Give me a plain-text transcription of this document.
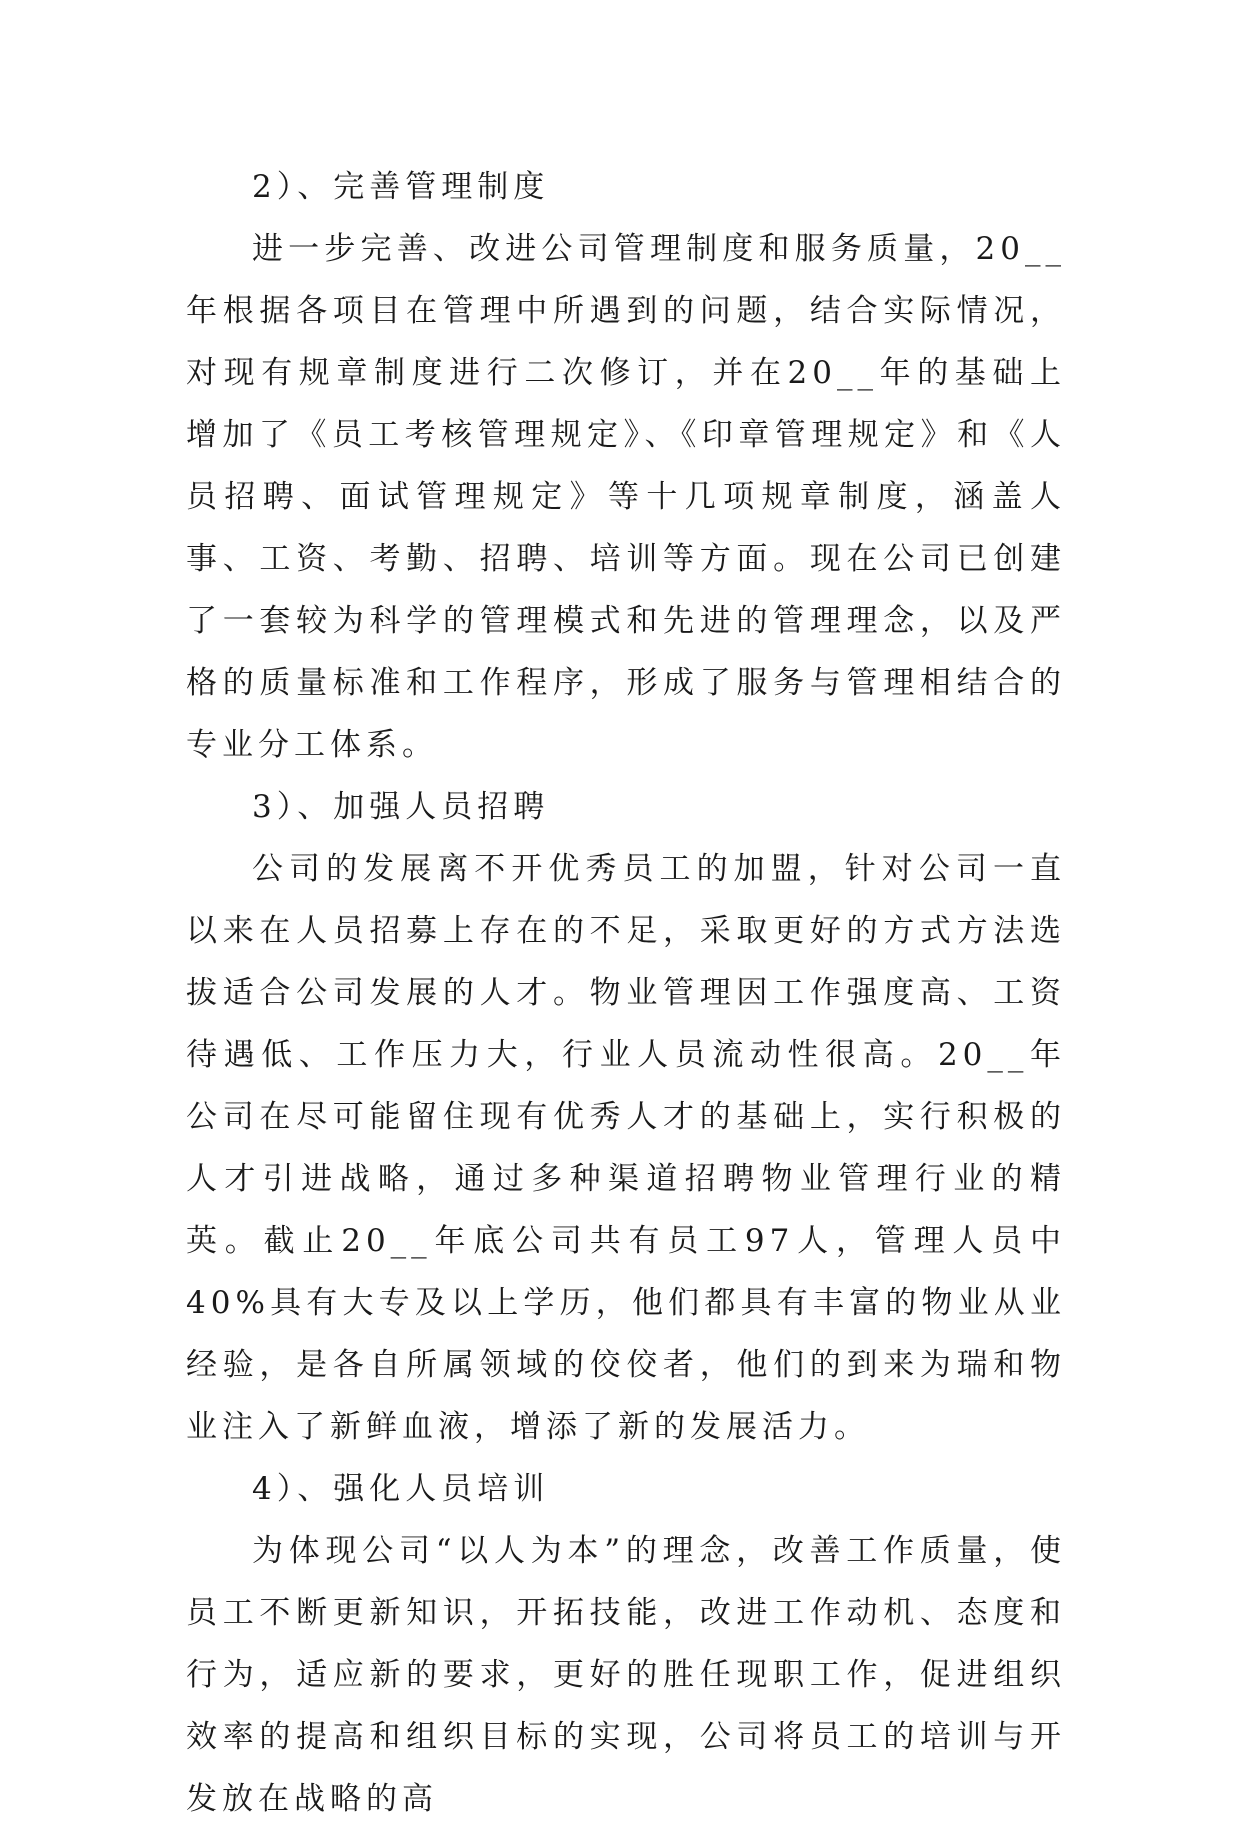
2）、完善管理制度

进一步完善、改进公司管理制度和服务质量，20__年根据各项目在管理中所遇到的问题，结合实际情况，对现有规章制度进行二次修订，并在20__年的基础上增加了《员工考核管理规定》、《印章管理规定》和《人员招聘、面试管理规定》等十几项规章制度，涵盖人事、工资、考勤、招聘、培训等方面。现在公司已创建了一套较为科学的管理模式和先进的管理理念，以及严格的质量标准和工作程序，形成了服务与管理相结合的专业分工体系。

3）、加强人员招聘

公司的发展离不开优秀员工的加盟，针对公司一直以来在人员招募上存在的不足，采取更好的方式方法选拔适合公司发展的人才。物业管理因工作强度高、工资待遇低、工作压力大，行业人员流动性很高。20__年公司在尽可能留住现有优秀人才的基础上，实行积极的人才引进战略，通过多种渠道招聘物业管理行业的精英。截止20__年底公司共有员工97人，管理人员中40%具有大专及以上学历，他们都具有丰富的物业从业经验，是各自所属领域的佼佼者，他们的到来为瑞和物业注入了新鲜血液，增添了新的发展活力。

4）、强化人员培训

为体现公司“以人为本”的理念，改善工作质量，使员工不断更新知识，开拓技能，改进工作动机、态度和行为，适应新的要求，更好的胜任现职工作，促进组织效率的提高和组织目标的实现，公司将员工的培训与开发放在战略的高
